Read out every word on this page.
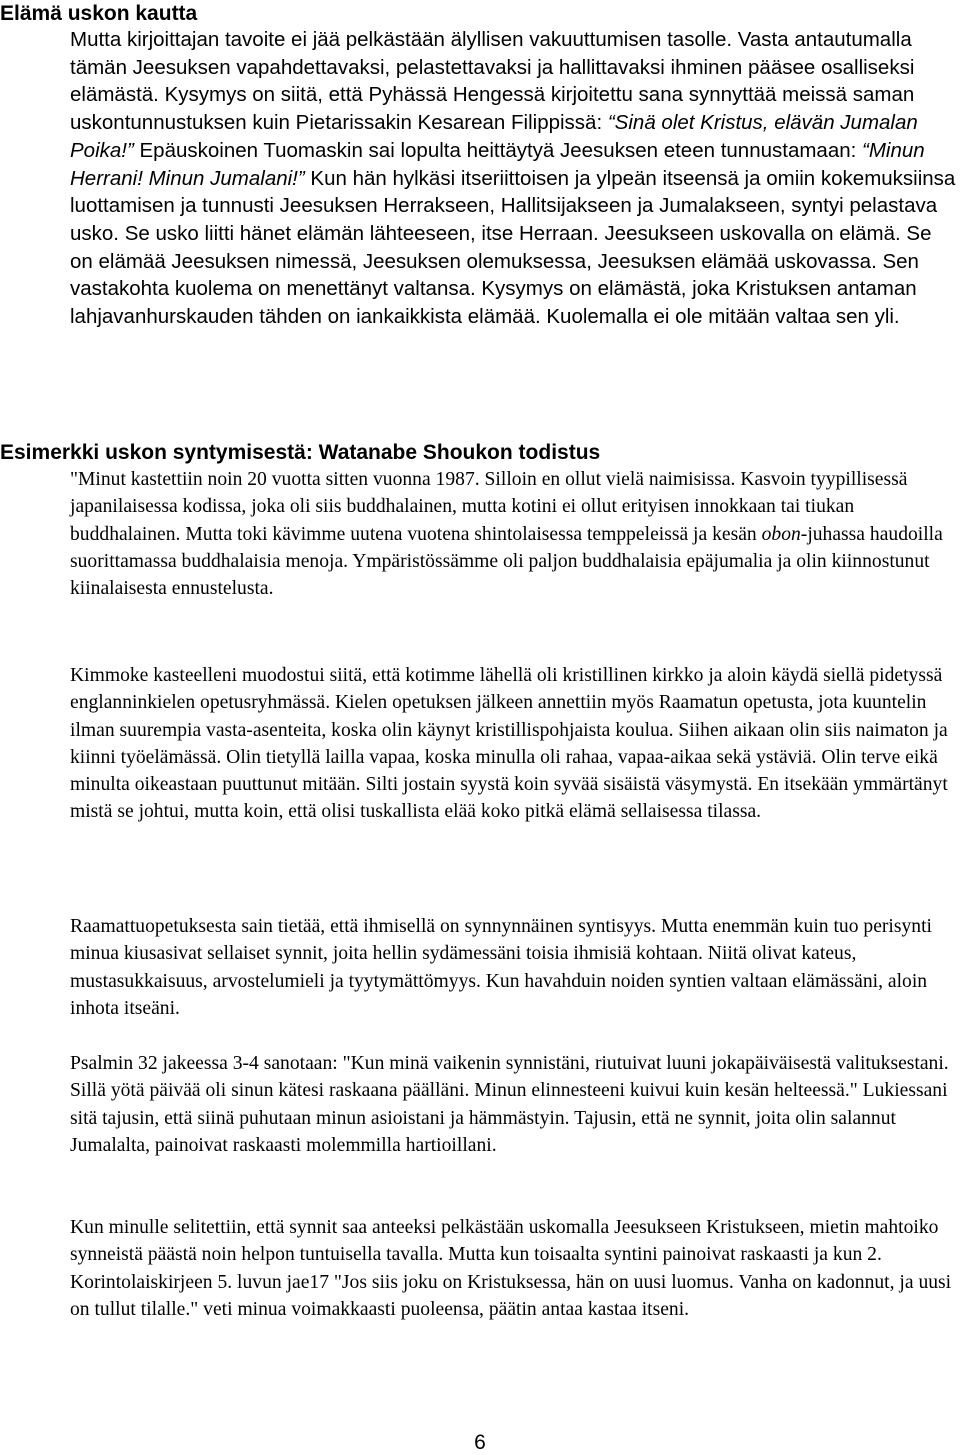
Elämä uskon kautta

Mutta kirjoittajan tavoite ei jää pelkästään älyllisen vakuuttumisen tasolle. Vasta antautumalla tämän Jeesuksen vapahdettavaksi, pelastettavaksi ja hallittavaksi ihminen pääsee osalliseksi elämästä. Kysymys on siitä, että Pyhässä Hengessä kirjoitettu sana synnyttää meissä saman uskontunnustuksen kuin Pietarissakin Kesarean Filippissä: “Sinä olet Kristus, elävän Jumalan Poika!” Epäuskoinen Tuomaskin sai lopulta heittäytyä Jeesuksen eteen tunnustamaan: “Minun Herrani! Minun Jumalani!” Kun hän hylkäsi itseriittoisen ja ylpeän itseensä ja omiin kokemuksiinsa luottamisen ja tunnusti Jeesuksen Herrakseen, Hallitsijakseen ja Jumalakseen, syntyi pelastava usko. Se usko liitti hänet elämän lähteeseen, itse Herraan. Jeesukseen uskovalla on elämä. Se on elämää Jeesuksen nimessä, Jeesuksen olemuksessa, Jeesuksen elämää uskovassa. Sen vastakohta kuolema on menettänyt valtansa. Kysymys on elämästä, joka Kristuksen antaman lahjavanhurskauden tähden on iankaikkista elämää. Kuolemalla ei ole mitään valtaa sen yli.

Esimerkki uskon syntymisestä: Watanabe Shoukon todistus

"Minut kastettiin noin 20 vuotta sitten vuonna 1987. Silloin en ollut vielä naimisissa. Kasvoin tyypillisessä japanilaisessa kodissa, joka oli siis buddhalainen, mutta kotini ei ollut erityisen innokkaan tai tiukan buddhalainen. Mutta toki kävimme uutena vuotena shintolaisessa temppeleissä ja kesän obon-juhassa haudoilla suorittamassa buddhalaisia menoja. Ympäristössämme oli paljon buddhalaisia epäjumalia ja olin kiinnostunut kiinalaisesta ennustelusta.

Kimmoke kasteelleni muodostui siitä, että kotimme lähellä oli kristillinen kirkko ja aloin käydä siellä pidetyssä englanninkielen opetusryhmässä. Kielen opetuksen jälkeen annettiin myös Raamatun opetusta, jota kuuntelin ilman suurempia vasta-asenteita, koska olin käynyt kristillispohjaista koulua. Siihen aikaan olin siis naimaton ja kiinni työelämässä. Olin tietyllä lailla vapaa, koska minulla oli rahaa, vapaa-aikaa sekä ystäviä. Olin terve eikä minulta oikeastaan puuttunut mitään. Silti jostain syystä koin syvää sisäistä väsymystä. En itsekään ymmärtänyt mistä se johtui, mutta koin, että olisi tuskallista elää koko pitkä elämä sellaisessa tilassa.

Raamattuopetuksesta sain tietää, että ihmisellä on synnynnäinen syntisyys. Mutta enemmän kuin tuo perisynti minua kiusasivat sellaiset synnit, joita hellin sydämessäni toisia ihmisiä kohtaan. Niitä olivat kateus, mustasukkaisuus, arvostelumieli ja tyytymättömyys. Kun havahduin noiden syntien valtaan elämässäni, aloin inhota itseäni.

Psalmin 32 jakeessa 3-4 sanotaan: "Kun minä vaikenin synnistäni, riutuivat luuni jokapäiväisestä valituksestani. Sillä yötä päivää oli sinun kätesi raskaana päälläni. Minun elinnesteeni kuivui kuin kesän helteessä." Lukiessani sitä tajusin, että siinä puhutaan minun asioistani ja hämmästyin. Tajusin, että ne synnit, joita olin salannut Jumalalta, painoivat raskaasti molemmilla hartioillani.

Kun minulle selitettiin, että synnit saa anteeksi pelkästään uskomalla Jeesukseen Kristukseen, mietin mahtoiko synneistä päästä noin helpon tuntuisella tavalla. Mutta kun toisaalta syntini painoivat raskaasti ja kun 2. Korintolaiskirjeen 5. luvun jae17 "Jos siis joku on Kristuksessa, hän on uusi luomus. Vanha on kadonnut, ja uusi on tullut tilalle." veti minua voimakkaasti puoleensa, päätin antaa kastaa itseni.

6
